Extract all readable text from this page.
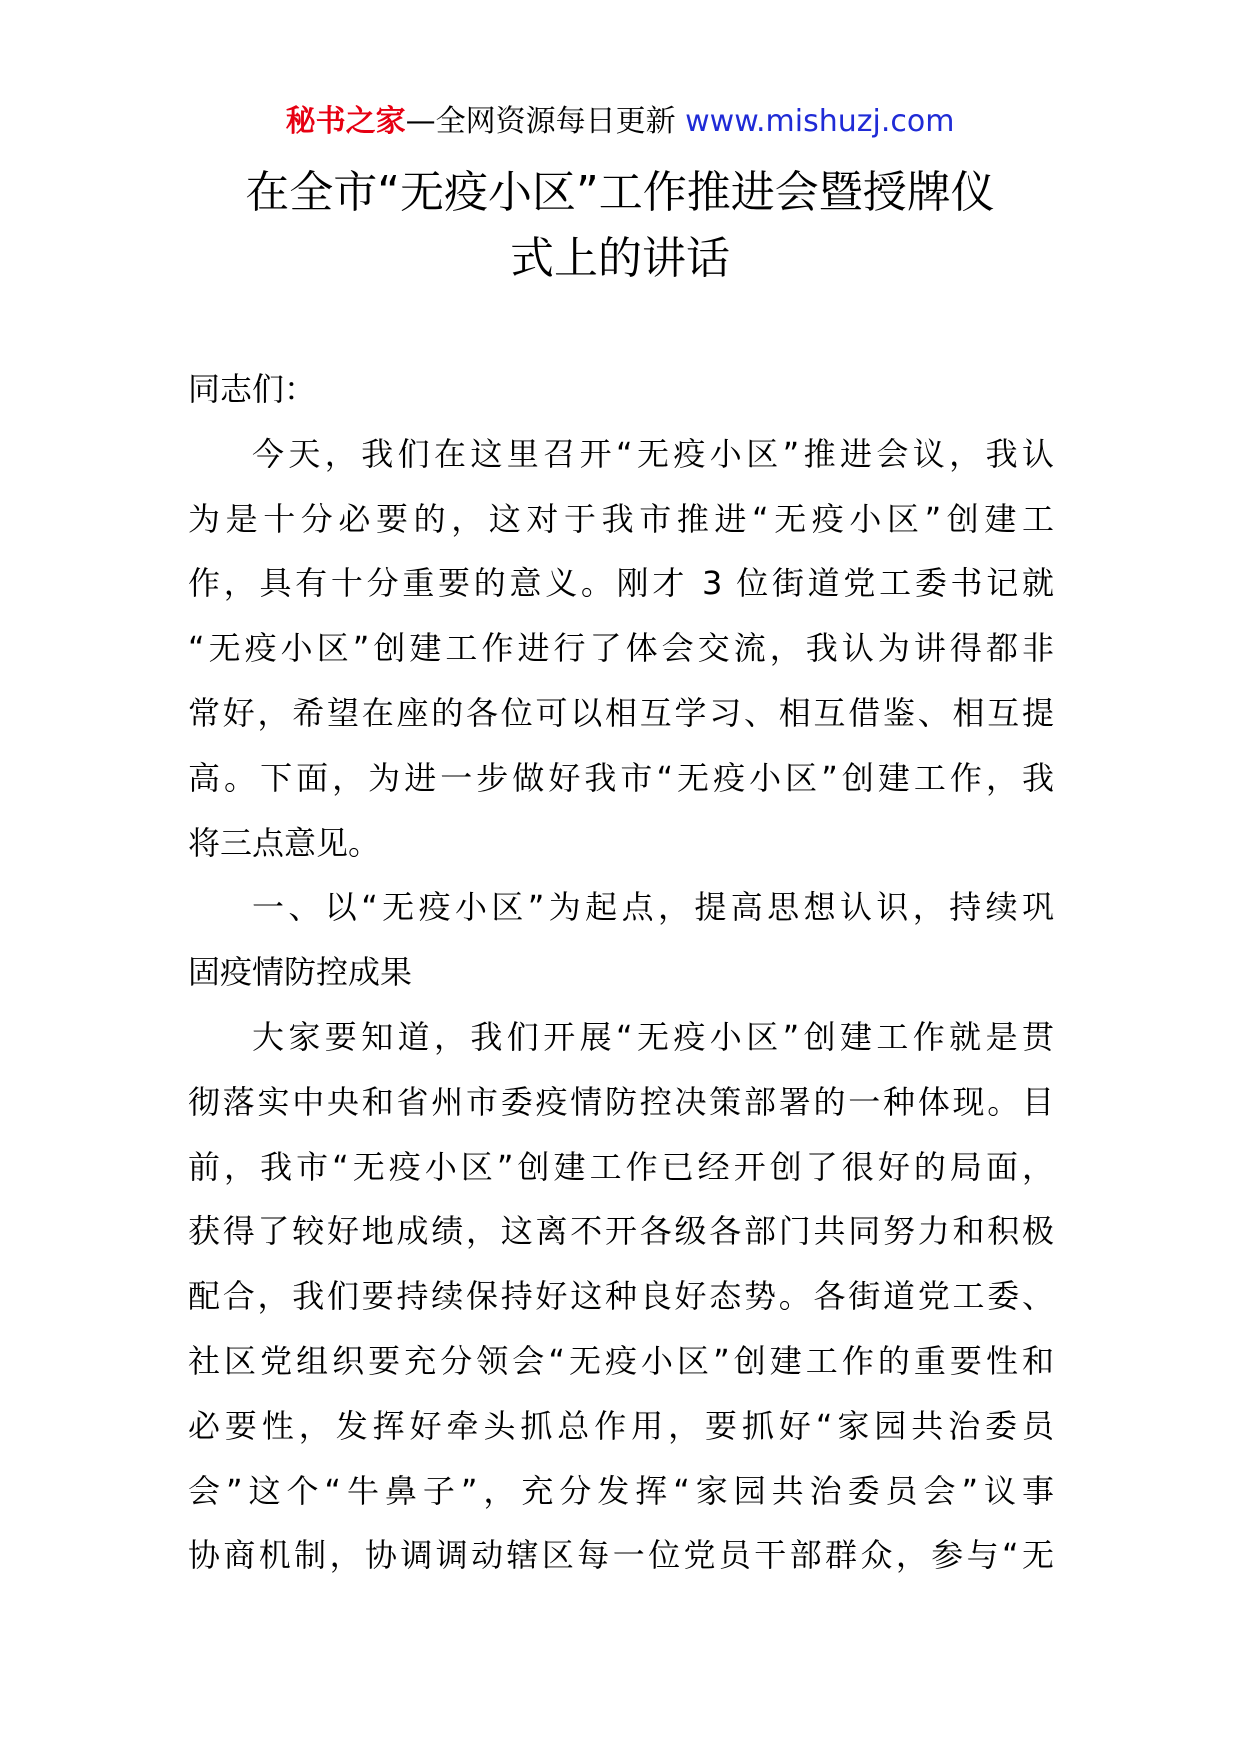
秘书之家—全网资源每日更新 www.mishuzj.com
在全市“无疫小区”工作推进会暨授牌仪
式上的讲话
同志们：
今天，我们在这里召开“无疫小区”推进会议，我认
为是十分必要的，这对于我市推进“无疫小区”创建工
作，具有十分重要的意义。刚才 3 位街道党工委书记就
“无疫小区”创建工作进行了体会交流，我认为讲得都非
常好，希望在座的各位可以相互学习、相互借鉴、相互提
高。下面，为进一步做好我市“无疫小区”创建工作，我
将三点意见。
一、以“无疫小区”为起点，提高思想认识，持续巩
固疫情防控成果
大家要知道，我们开展“无疫小区”创建工作就是贯
彻落实中央和省州市委疫情防控决策部署的一种体现。目
前，我市“无疫小区”创建工作已经开创了很好的局面，
获得了较好地成绩，这离不开各级各部门共同努力和积极
配合，我们要持续保持好这种良好态势。各街道党工委、
社区党组织要充分领会“无疫小区”创建工作的重要性和
必要性，发挥好牵头抓总作用，要抓好“家园共治委员
会”这个“牛鼻子”，充分发挥“家园共治委员会”议事
协商机制，协调调动辖区每一位党员干部群众，参与“无
